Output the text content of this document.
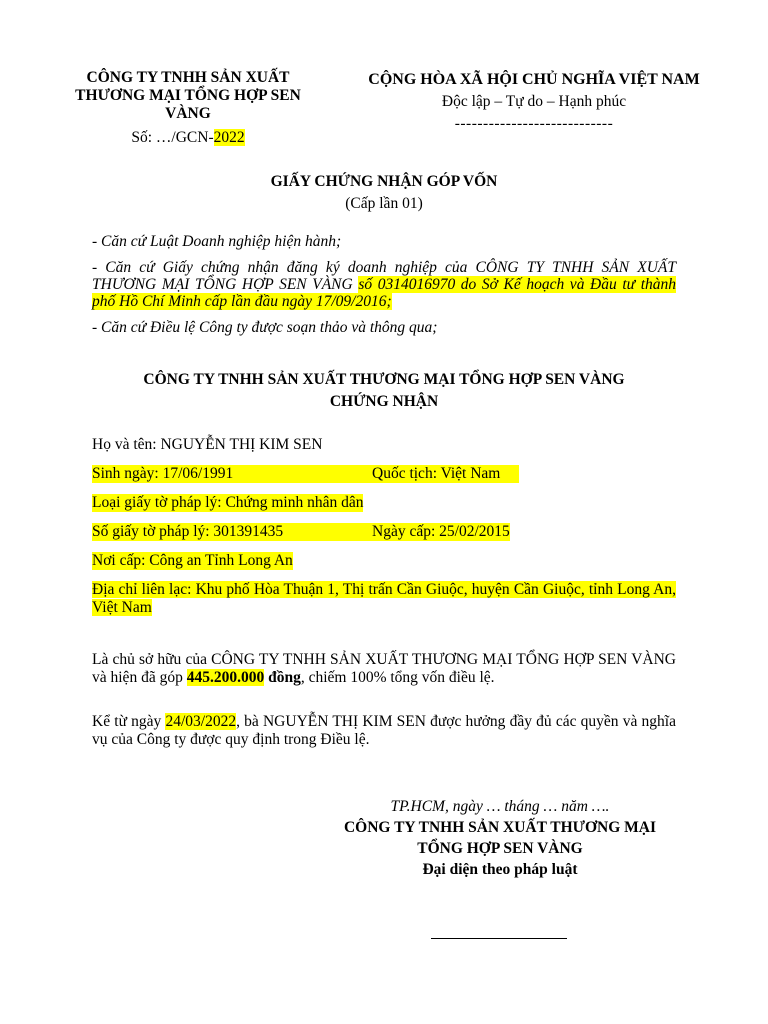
CÔNG TY TNHH SẢN XUẤT
THƯƠNG MẠI TỔNG HỢP SEN
VÀNG
Số: …/GCN-2022
CỘNG HÒA XÃ HỘI CHỦ NGHĨA VIỆT NAM
Độc lập – Tự do – Hạnh phúc
----------------------------
GIẤY CHỨNG NHẬN GÓP VỐN
(Cấp lần 01)

- Căn cứ Luật Doanh nghiệp hiện hành;

- Căn cứ Giấy chứng nhận đăng ký doanh nghiệp của CÔNG TY TNHH SẢN XUẤT THƯƠNG MẠI TỔNG HỢP SEN VÀNG số 0314016970 do Sở Kế hoạch và Đầu tư thành phố Hồ Chí Minh cấp lần đầu ngày 17/09/2016;

- Căn cứ Điều lệ Công ty được soạn thảo và thông qua;

CÔNG TY TNHH SẢN XUẤT THƯƠNG MẠI TỔNG HỢP SEN VÀNG
CHỨNG NHẬN
Họ và tên: NGUYỄN THỊ KIM SEN
Sinh ngày: 17/06/1991	Quốc tịch: Việt Nam
Loại giấy tờ pháp lý: Chứng minh nhân dân
Số giấy tờ pháp lý: 301391435	Ngày cấp: 25/02/2015
Nơi cấp: Công an Tỉnh Long An
Địa chỉ liên lạc: Khu phố Hòa Thuận 1, Thị trấn Cần Giuộc, huyện Cần Giuộc, tỉnh Long An, Việt Nam
Là chủ sở hữu của CÔNG TY TNHH SẢN XUẤT THƯƠNG MẠI TỔNG HỢP SEN VÀNG và hiện đã góp 445.200.000 đồng, chiếm 100% tổng vốn điều lệ.
Kể từ ngày 24/03/2022, bà NGUYỄN THỊ KIM SEN được hưởng đầy đủ các quyền và nghĩa vụ của Công ty được quy định trong Điều lệ.
TP.HCM, ngày … tháng … năm ….
CÔNG TY TNHH SẢN XUẤT THƯƠNG MẠI
TỔNG HỢP SEN VÀNG
Đại diện theo pháp luật
